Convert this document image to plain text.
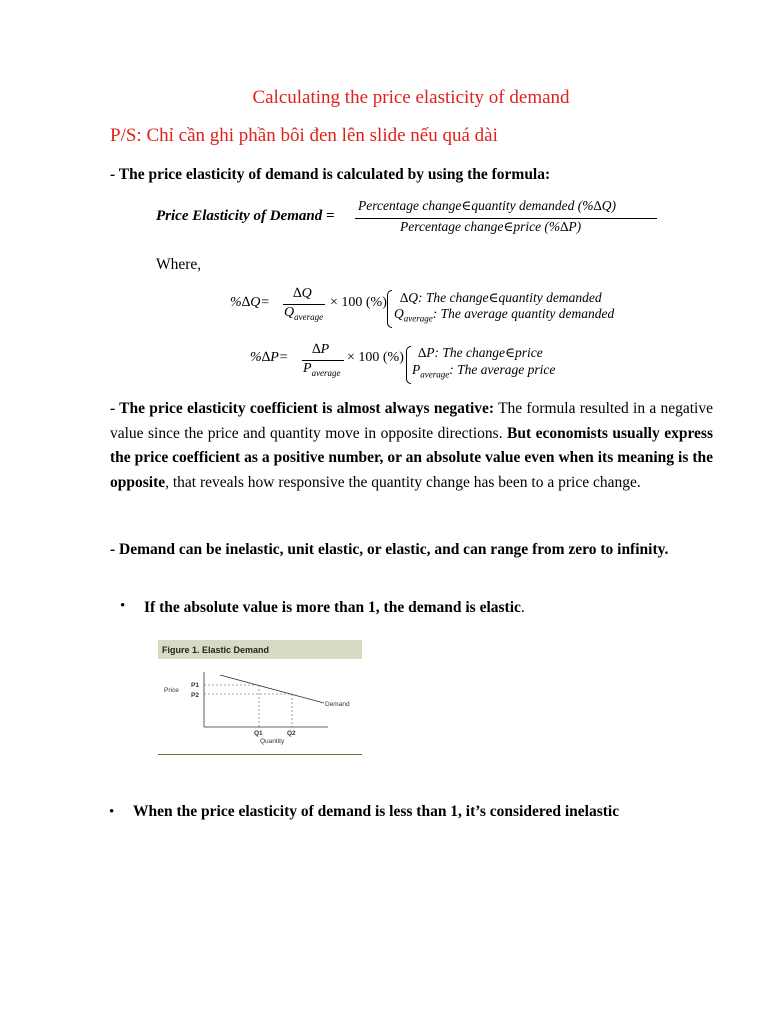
Calculating the price elasticity of demand
P/S: Chỉ cần ghi phần bôi đen lên slide nếu quá dài
- The price elasticity of demand is calculated by using the formula:
Price Elasticity of Demand =
Percentage change∈quantity demanded (%∆Q)
Percentage change∈price (%∆P)
Where,
%∆Q=
∆Q
$Q_{average}$
× 100 (%) ∆Q: The change∈quantity demanded
$Q_{average}$: The average quantity demanded
%∆P=
∆P
$P_{average}$
× 100 (%) ∆P: The change∈price
$P_{average}$: The average price
- The price elasticity coefficient is almost always negative: The formula resulted in a negative value since the price and quantity move in opposite directions. But economists usually express the price coefficient as a positive number, or an absolute value even when its meaning is the opposite, that reveals how responsive the quantity change has been to a price change.
- Demand can be inelastic, unit elastic, or elastic, and can range from zero to infinity.
• If the absolute value is more than 1, the demand is elastic.
Figure 1. Elastic Demand
Price
P1
P2
Demand
Q1	Q2
Quantity
• When the price elasticity of demand is less than 1, it’s considered inelastic
